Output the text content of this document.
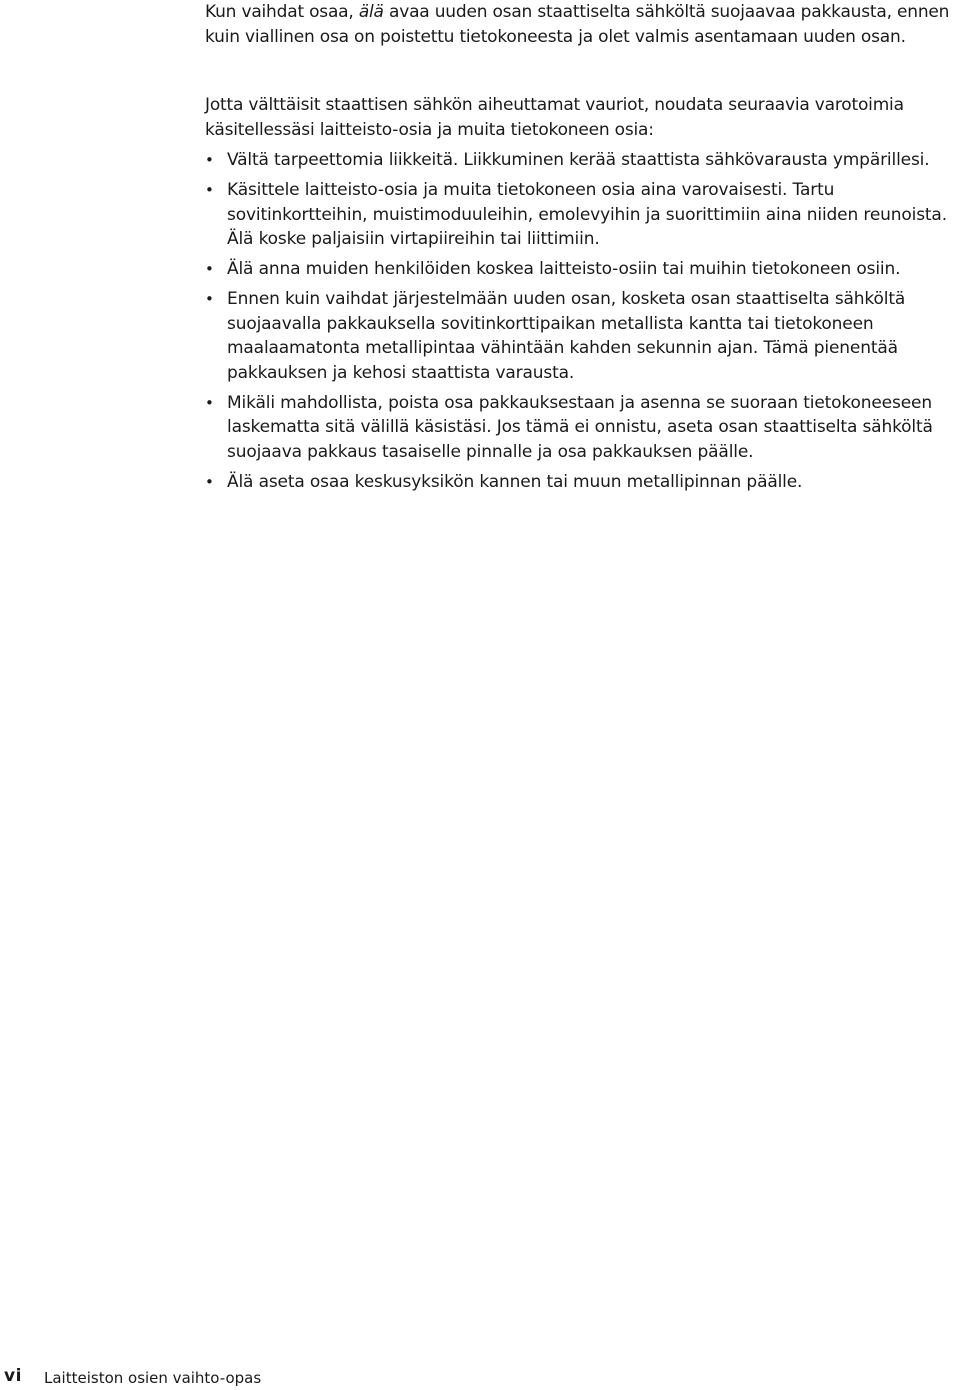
Kun vaihdat osaa, älä avaa uuden osan staattiselta sähköltä suojaavaa pakkausta, ennen kuin viallinen osa on poistettu tietokoneesta ja olet valmis asentamaan uuden osan.

Jotta välttäisit staattisen sähkön aiheuttamat vauriot, noudata seuraavia varotoimia käsitellessäsi laitteisto-osia ja muita tietokoneen osia:

• Vältä tarpeettomia liikkeitä. Liikkuminen kerää staattista sähkövarausta ympärillesi.
• Käsittele laitteisto-osia ja muita tietokoneen osia aina varovaisesti. Tartu sovitinkortteihin, muistimoduuleihin, emolevyihin ja suorittimiin aina niiden reunoista. Älä koske paljaisiin virtapiireihin tai liittimiin.
• Älä anna muiden henkilöiden koskea laitteisto-osiin tai muihin tietokoneen osiin.
• Ennen kuin vaihdat järjestelmään uuden osan, kosketa osan staattiselta sähköltä suojaavalla pakkauksella sovitinkorttipaikan metallista kantta tai tietokoneen maalaamatonta metallipintaa vähintään kahden sekunnin ajan. Tämä pienentää pakkauksen ja kehosi staattista varausta.
• Mikäli mahdollista, poista osa pakkauksestaan ja asenna se suoraan tietokoneeseen laskematta sitä välillä käsistäsi. Jos tämä ei onnistu, aseta osan staattiselta sähköltä suojaava pakkaus tasaiselle pinnalle ja osa pakkauksen päälle.
• Älä aseta osaa keskusyksikön kannen tai muun metallipinnan päälle.
vi Laitteiston osien vaihto-opas
